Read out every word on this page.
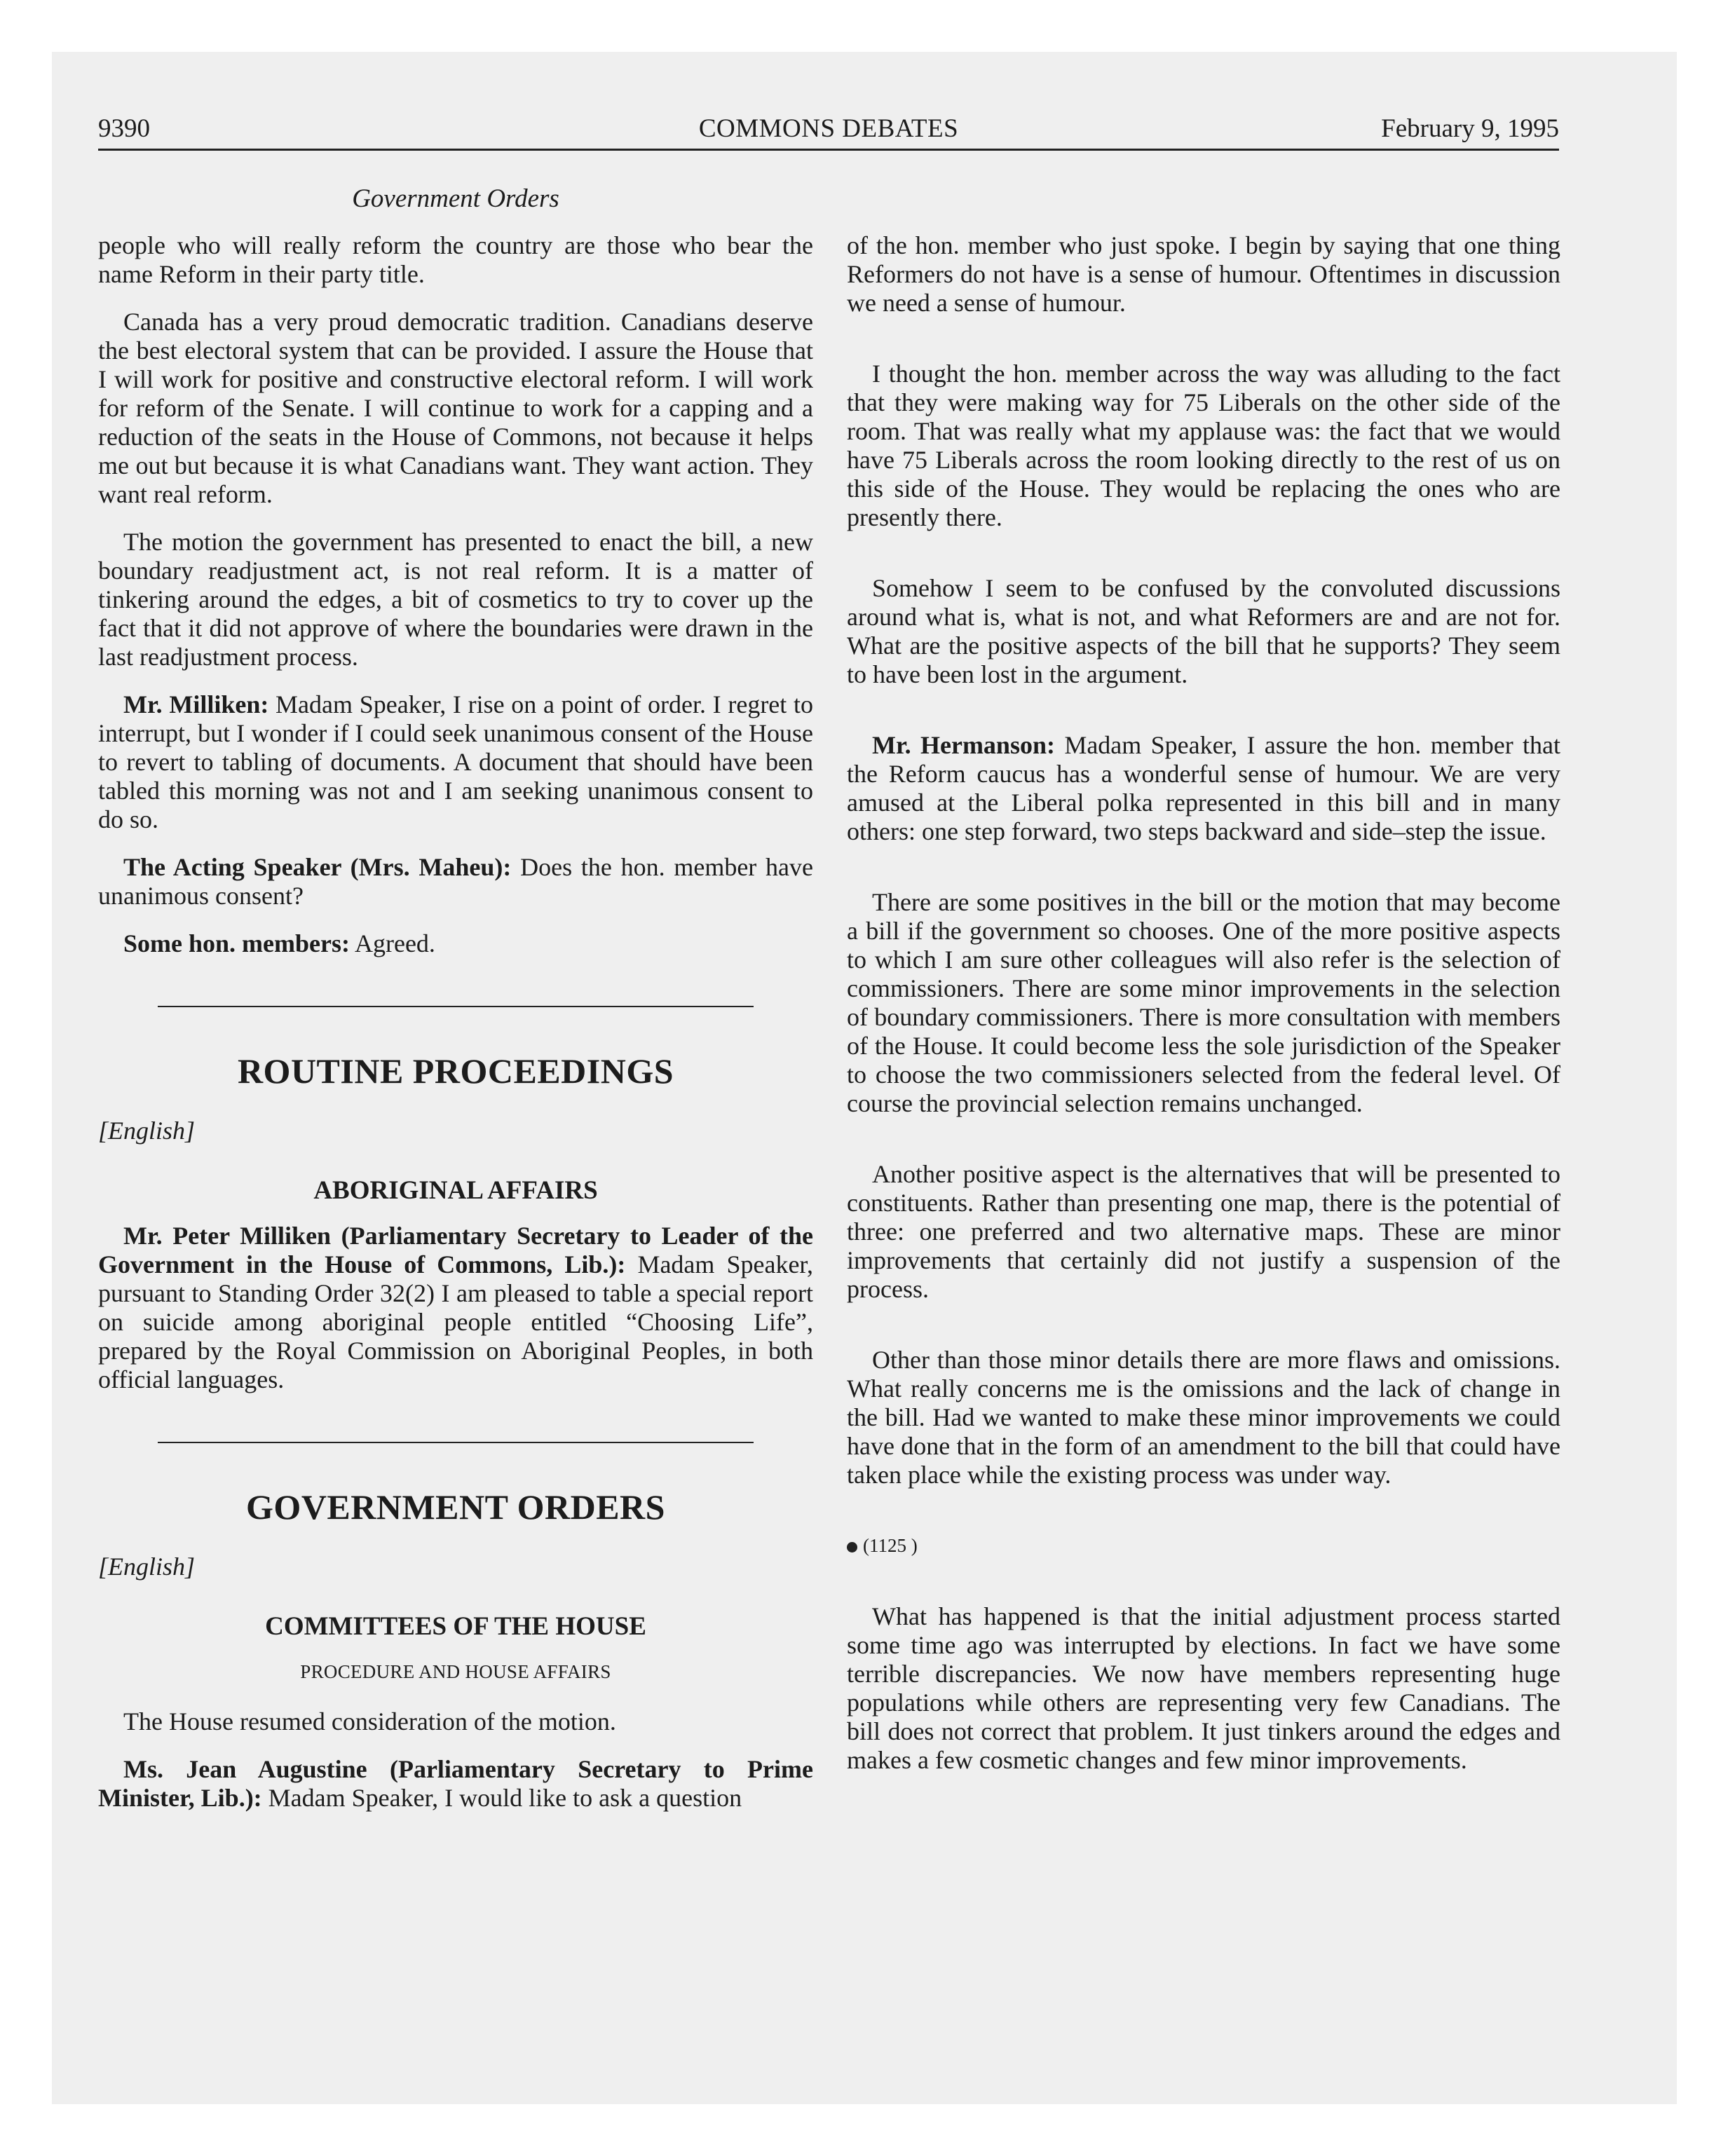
9390	COMMONS DEBATES	February 9, 1995
Government Orders

people who will really reform the country are those who bear the name Reform in their party title.

Canada has a very proud democratic tradition. Canadians deserve the best electoral system that can be provided. I assure the House that I will work for positive and constructive electoral reform. I will work for reform of the Senate. I will continue to work for a capping and a reduction of the seats in the House of Commons, not because it helps me out but because it is what Canadians want. They want action. They want real reform.

The motion the government has presented to enact the bill, a new boundary readjustment act, is not real reform. It is a matter of tinkering around the edges, a bit of cosmetics to try to cover up the fact that it did not approve of where the boundaries were drawn in the last readjustment process.

Mr. Milliken: Madam Speaker, I rise on a point of order. I regret to interrupt, but I wonder if I could seek unanimous consent of the House to revert to tabling of documents. A document that should have been tabled this morning was not and I am seeking unanimous consent to do so.

The Acting Speaker (Mrs. Maheu): Does the hon. member have unanimous consent?

Some hon. members: Agreed.

ROUTINE PROCEEDINGS
[English]
ABORIGINAL AFFAIRS

Mr. Peter Milliken (Parliamentary Secretary to Leader of the Government in the House of Commons, Lib.): Madam Speaker, pursuant to Standing Order 32(2) I am pleased to table a special report on suicide among aboriginal people entitled “Choosing Life”, prepared by the Royal Commission on Aboriginal Peoples, in both official languages.

GOVERNMENT ORDERS
[English]
COMMITTEES OF THE HOUSE
PROCEDURE AND HOUSE AFFAIRS

The House resumed consideration of the motion.

Ms. Jean Augustine (Parliamentary Secretary to Prime Minister, Lib.): Madam Speaker, I would like to ask a question

of the hon. member who just spoke. I begin by saying that one thing Reformers do not have is a sense of humour. Oftentimes in discussion we need a sense of humour.

I thought the hon. member across the way was alluding to the fact that they were making way for 75 Liberals on the other side of the room. That was really what my applause was: the fact that we would have 75 Liberals across the room looking directly to the rest of us on this side of the House. They would be replacing the ones who are presently there.

Somehow I seem to be confused by the convoluted discussions around what is, what is not, and what Reformers are and are not for. What are the positive aspects of the bill that he supports? They seem to have been lost in the argument.

Mr. Hermanson: Madam Speaker, I assure the hon. member that the Reform caucus has a wonderful sense of humour. We are very amused at the Liberal polka represented in this bill and in many others: one step forward, two steps backward and side–step the issue.

There are some positives in the bill or the motion that may become a bill if the government so chooses. One of the more positive aspects to which I am sure other colleagues will also refer is the selection of commissioners. There are some minor improvements in the selection of boundary commissioners. There is more consultation with members of the House. It could become less the sole jurisdiction of the Speaker to choose the two commissioners selected from the federal level. Of course the provincial selection remains unchanged.

Another positive aspect is the alternatives that will be presented to constituents. Rather than presenting one map, there is the potential of three: one preferred and two alternative maps. These are minor improvements that certainly did not justify a suspension of the process.

Other than those minor details there are more flaws and omissions. What really concerns me is the omissions and the lack of change in the bill. Had we wanted to make these minor improvements we could have done that in the form of an amendment to the bill that could have taken place while the existing process was under way.

(1125 )

What has happened is that the initial adjustment process started some time ago was interrupted by elections. In fact we have some terrible discrepancies. We now have members representing huge populations while others are representing very few Canadians. The bill does not correct that problem. It just tinkers around the edges and makes a few cosmetic changes and few minor improvements.
